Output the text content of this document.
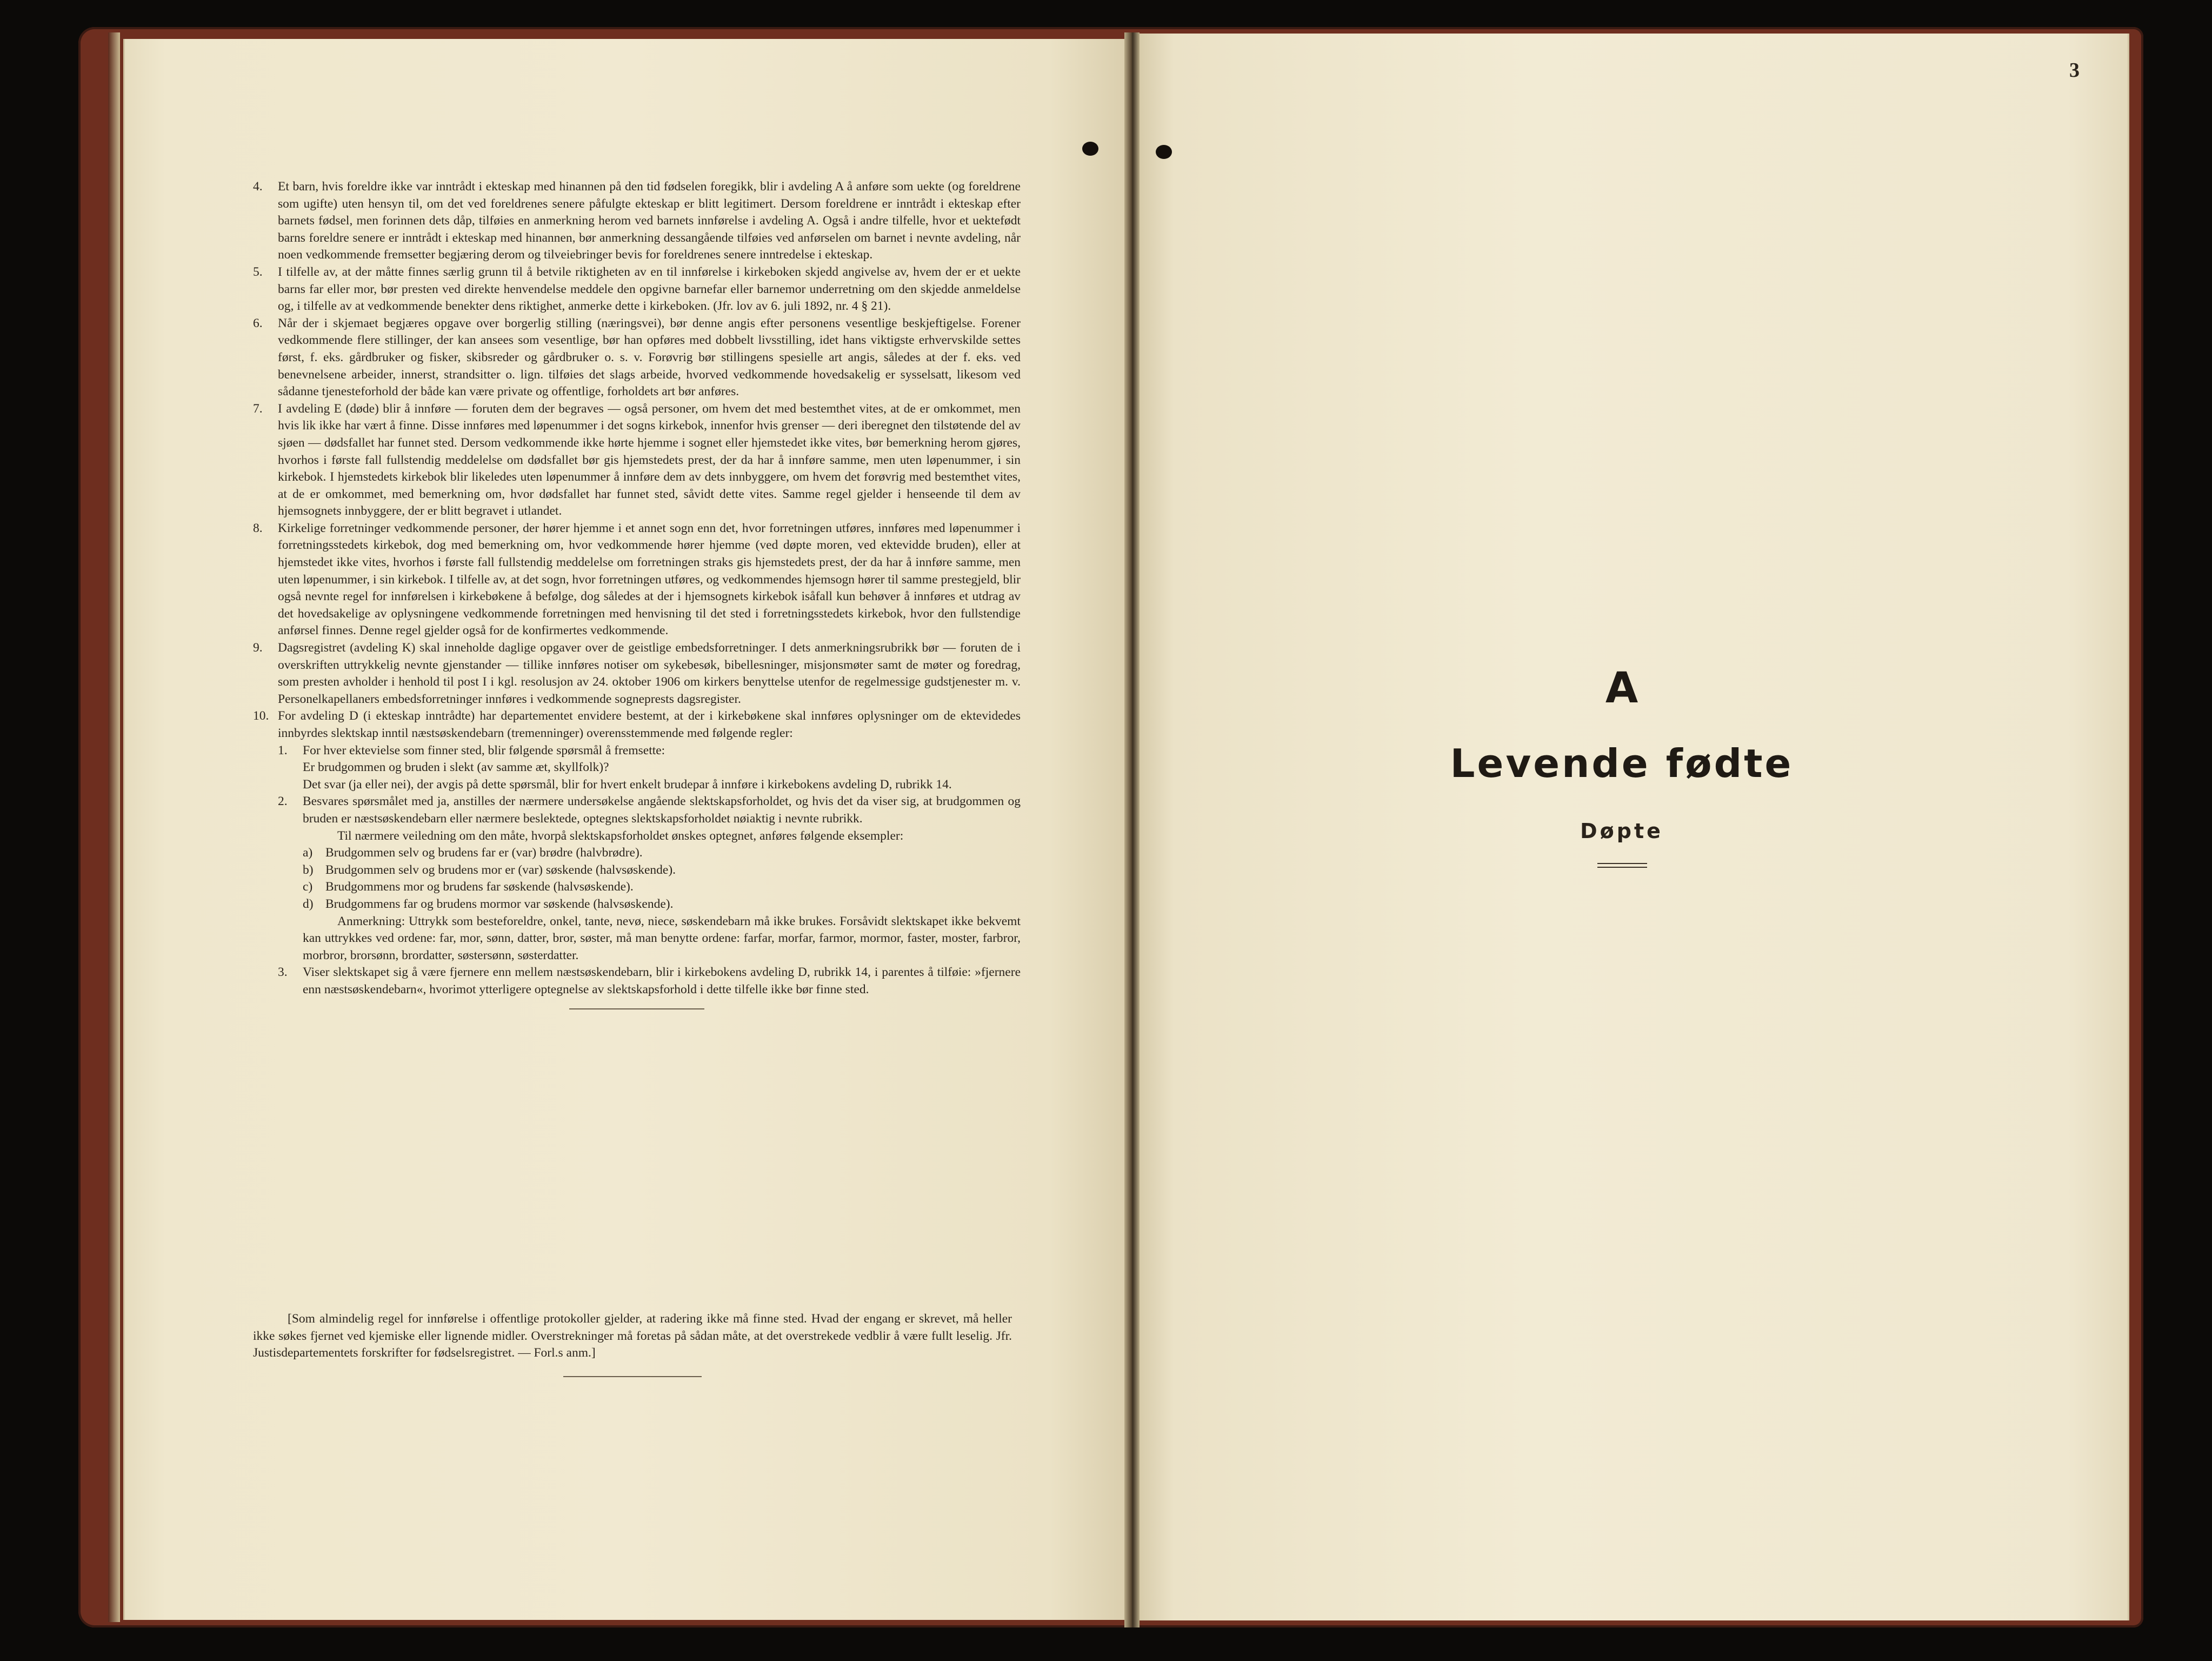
4. Et barn, hvis foreldre ikke var inntrådt i ekteskap med hinannen på den tid fødselen foregikk, blir i avdeling A å anføre som uekte (og foreldrene som ugifte) uten hensyn til, om det ved foreldrenes senere påfulgte ekteskap er blitt legitimert. Dersom foreldrene er inntrådt i ekteskap efter barnets fødsel, men forinnen dets dåp, tilføies en anmerkning herom ved barnets innførelse i avdeling A. Også i andre tilfelle, hvor et uektefødt barns foreldre senere er inntrådt i ekteskap med hinannen, bør anmerkning dessangående tilføies ved anførselen om barnet i nevnte avdeling, når noen vedkommende fremsetter begjæring derom og tilveiebringer bevis for foreldrenes senere inntredelse i ekteskap.
5. I tilfelle av, at der måtte finnes særlig grunn til å betvile riktigheten av en til innførelse i kirkeboken skjedd angivelse av, hvem der er et uekte barns far eller mor, bør presten ved direkte henvendelse meddele den opgivne barnefar eller barnemor underretning om den skjedde anmeldelse og, i tilfelle av at vedkommende benekter dens riktighet, anmerke dette i kirkeboken. (Jfr. lov av 6. juli 1892, nr. 4 § 21).
6. Når der i skjemaet begjæres opgave over borgerlig stilling (næringsvei), bør denne angis efter personens vesentlige beskjeftigelse. Forener vedkommende flere stillinger, der kan ansees som vesentlige, bør han opføres med dobbelt livsstilling, idet hans viktigste erhvervskilde settes først, f. eks. gårdbruker og fisker, skibsreder og gårdbruker o. s. v. Forøvrig bør stillingens spesielle art angis, således at der f. eks. ved benevnelsene arbeider, innerst, strandsitter o. lign. tilføies det slags arbeide, hvorved vedkommende hovedsakelig er sysselsatt, likesom ved sådanne tjenesteforhold der både kan være private og offentlige, forholdets art bør anføres.
7. I avdeling E (døde) blir å innføre — foruten dem der begraves — også personer, om hvem det med bestemthet vites, at de er omkommet, men hvis lik ikke har vært å finne. Disse innføres med løpenummer i det sogns kirkebok, innenfor hvis grenser — deri iberegnet den tilstøtende del av sjøen — dødsfallet har funnet sted. Dersom vedkommende ikke hørte hjemme i sognet eller hjemstedet ikke vites, bør bemerkning herom gjøres, hvorhos i første fall fullstendig meddelelse om dødsfallet bør gis hjemstedets prest, der da har å innføre samme, men uten løpenummer, i sin kirkebok. I hjemstedets kirkebok blir likeledes uten løpenummer å innføre dem av dets innbyggere, om hvem det forøvrig med bestemthet vites, at de er omkommet, med bemerkning om, hvor dødsfallet har funnet sted, såvidt dette vites. Samme regel gjelder i henseende til dem av hjemsognets innbyggere, der er blitt begravet i utlandet.
8. Kirkelige forretninger vedkommende personer, der hører hjemme i et annet sogn enn det, hvor forretningen utføres, innføres med løpenummer i forretningsstedets kirkebok, dog med bemerkning om, hvor vedkommende hører hjemme (ved døpte moren, ved ektevidde bruden), eller at hjemstedet ikke vites, hvorhos i første fall fullstendig meddelelse om forretningen straks gis hjemstedets prest, der da har å innføre samme, men uten løpenummer, i sin kirkebok. I tilfelle av, at det sogn, hvor forretningen utføres, og vedkommendes hjemsogn hører til samme prestegjeld, blir også nevnte regel for innførelsen i kirkebøkene å befølge, dog således at der i hjemsognets kirkebok isåfall kun behøver å innføres et utdrag av det hovedsakelige av oplysningene vedkommende forretningen med henvisning til det sted i forretningsstedets kirkebok, hvor den fullstendige anførsel finnes. Denne regel gjelder også for de konfirmertes vedkommende.
9. Dagsregistret (avdeling K) skal inneholde daglige opgaver over de geistlige embedsforretninger. I dets anmerkningsrubrikk bør — foruten de i overskriften uttrykkelig nevnte gjenstander — tillike innføres notiser om sykebesøk, bibellesninger, misjonsmøter samt de møter og foredrag, som presten avholder i henhold til post I i kgl. resolusjon av 24. oktober 1906 om kirkers benyttelse utenfor de regelmessige gudstjenester m. v. Personelkapellaners embedsforretninger innføres i vedkommende sogneprests dagsregister.
10. For avdeling D (i ekteskap inntrådte) har departementet envidere bestemt, at der i kirkebøkene skal innføres oplysninger om de ektevidedes innbyrdes slektskap inntil næstsøskendebarn (tremenninger) overensstemmende med følgende regler:
1. For hver ektevielse som finner sted, blir følgende spørsmål å fremsette:
Er brudgommen og bruden i slekt (av samme æt, skyllfolk)?
Det svar (ja eller nei), der avgis på dette spørsmål, blir for hvert enkelt brudepar å innføre i kirkebokens avdeling D, rubrikk 14.
2. Besvares spørsmålet med ja, anstilles der nærmere undersøkelse angående slektskapsforholdet, og hvis det da viser sig, at brudgommen og bruden er næstsøskendebarn eller nærmere beslektede, optegnes slektskapsforholdet nøiaktig i nevnte rubrikk.
Til nærmere veiledning om den måte, hvorpå slektskapsforholdet ønskes optegnet, anføres følgende eksempler:
a) Brudgommen selv og brudens far er (var) brødre (halvbrødre).
b) Brudgommen selv og brudens mor er (var) søskende (halvsøskende).
c) Brudgommens mor og brudens far søskende (halvsøskende).
d) Brudgommens far og brudens mormor var søskende (halvsøskende).
Anmerkning: Uttrykk som besteforeldre, onkel, tante, nevø, niece, søskendebarn må ikke brukes. Forsåvidt slektskapet ikke bekvemt kan uttrykkes ved ordene: far, mor, sønn, datter, bror, søster, må man benytte ordene: farfar, morfar, farmor, mormor, faster, moster, farbror, morbror, brorsønn, brordatter, søstersønn, søsterdatter.
3. Viser slektskapet sig å være fjernere enn mellem næstsøskendebarn, blir i kirkebokens avdeling D, rubrikk 14, i parentes å tilføie: »fjernere enn næstsøskendebarn«, hvorimot ytterligere optegnelse av slektskapsforhold i dette tilfelle ikke bør finne sted.
[Som almindelig regel for innførelse i offentlige protokoller gjelder, at radering ikke må finne sted. Hvad der engang er skrevet, må heller ikke søkes fjernet ved kjemiske eller lignende midler. Overstrekninger må foretas på sådan måte, at det overstrekede vedblir å være fullt leselig. Jfr. Justisdepartementets forskrifter for fødselsregistret. — Forl.s anm.]
3
A
Levende fødte
Døpte
